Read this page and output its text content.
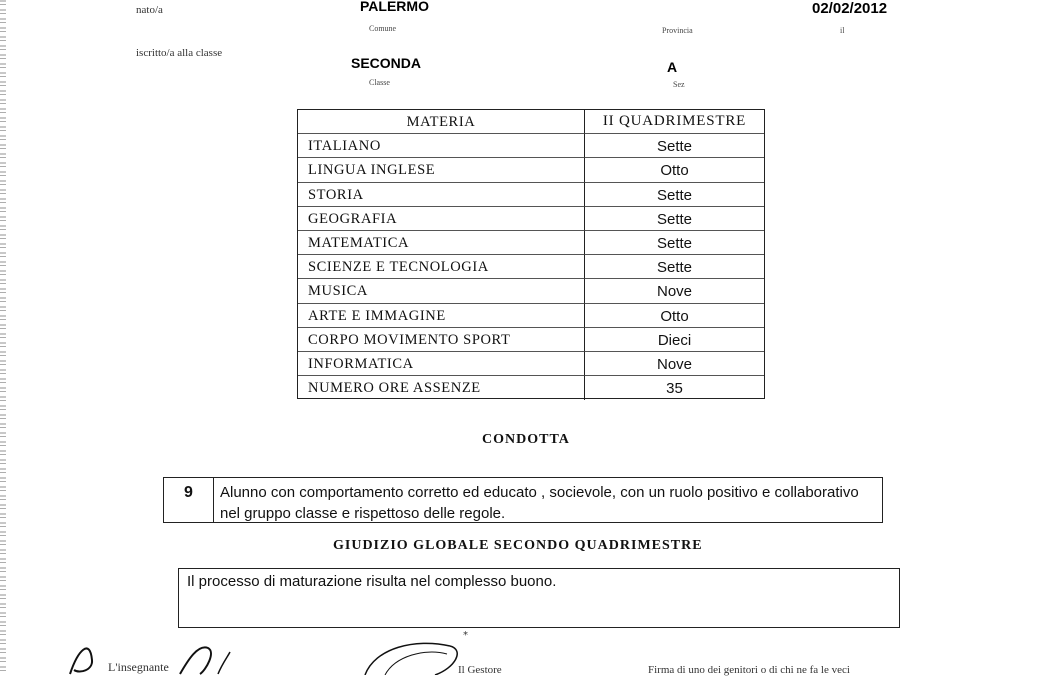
nato/a	PALERMO
Comune	Provincia
02/02/2012
il
iscritto/a alla classe
SECONDA
Classe
A
Sez
MATERIA	II QUADRIMESTRE
ITALIANO	Sette
LINGUA INGLESE	Otto
STORIA	Sette
GEOGRAFIA	Sette
MATEMATICA	Sette
SCIENZE E TECNOLOGIA	Sette
MUSICA	Nove
ARTE E IMMAGINE	Otto
CORPO MOVIMENTO SPORT	Dieci
INFORMATICA	Nove
NUMERO ORE ASSENZE	35
CONDOTTA
9	Alunno con comportamento corretto ed educato , socievole, con un ruolo positivo e collaborativo nel gruppo classe e rispettoso delle regole.
GIUDIZIO GLOBALE SECONDO QUADRIMESTRE
Il processo di maturazione risulta nel complesso buono.
L'insegnante
*
Il Gestore	Firma di uno dei genitori o di chi ne fa le veci
